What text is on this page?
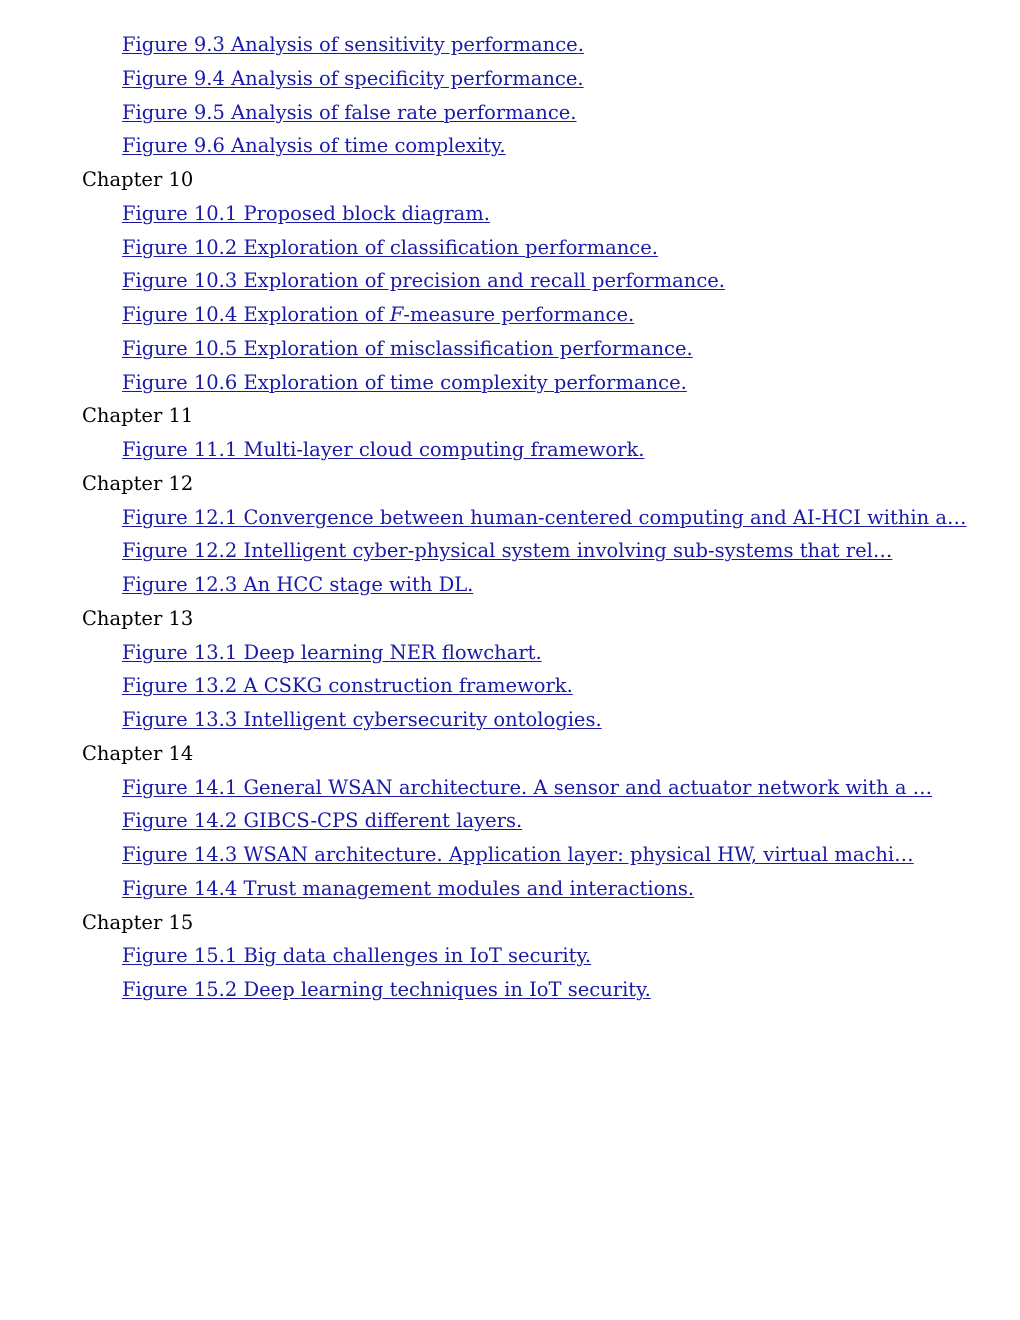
Figure 9.3 Analysis of sensitivity performance.
Figure 9.4 Analysis of specificity performance.
Figure 9.5 Analysis of false rate performance.
Figure 9.6 Analysis of time complexity.
Chapter 10
Figure 10.1 Proposed block diagram.
Figure 10.2 Exploration of classification performance.
Figure 10.3 Exploration of precision and recall performance.
Figure 10.4 Exploration of F-measure performance.
Figure 10.5 Exploration of misclassification performance.
Figure 10.6 Exploration of time complexity performance.
Chapter 11
Figure 11.1 Multi-layer cloud computing framework.
Chapter 12
Figure 12.1 Convergence between human-centered computing and AI-HCI within a…
Figure 12.2 Intelligent cyber-physical system involving sub-systems that rel…
Figure 12.3 An HCC stage with DL.
Chapter 13
Figure 13.1 Deep learning NER flowchart.
Figure 13.2 A CSKG construction framework.
Figure 13.3 Intelligent cybersecurity ontologies.
Chapter 14
Figure 14.1 General WSAN architecture. A sensor and actuator network with a …
Figure 14.2 GIBCS-CPS different layers.
Figure 14.3 WSAN architecture. Application layer: physical HW, virtual machi…
Figure 14.4 Trust management modules and interactions.
Chapter 15
Figure 15.1 Big data challenges in IoT security.
Figure 15.2 Deep learning techniques in IoT security.
